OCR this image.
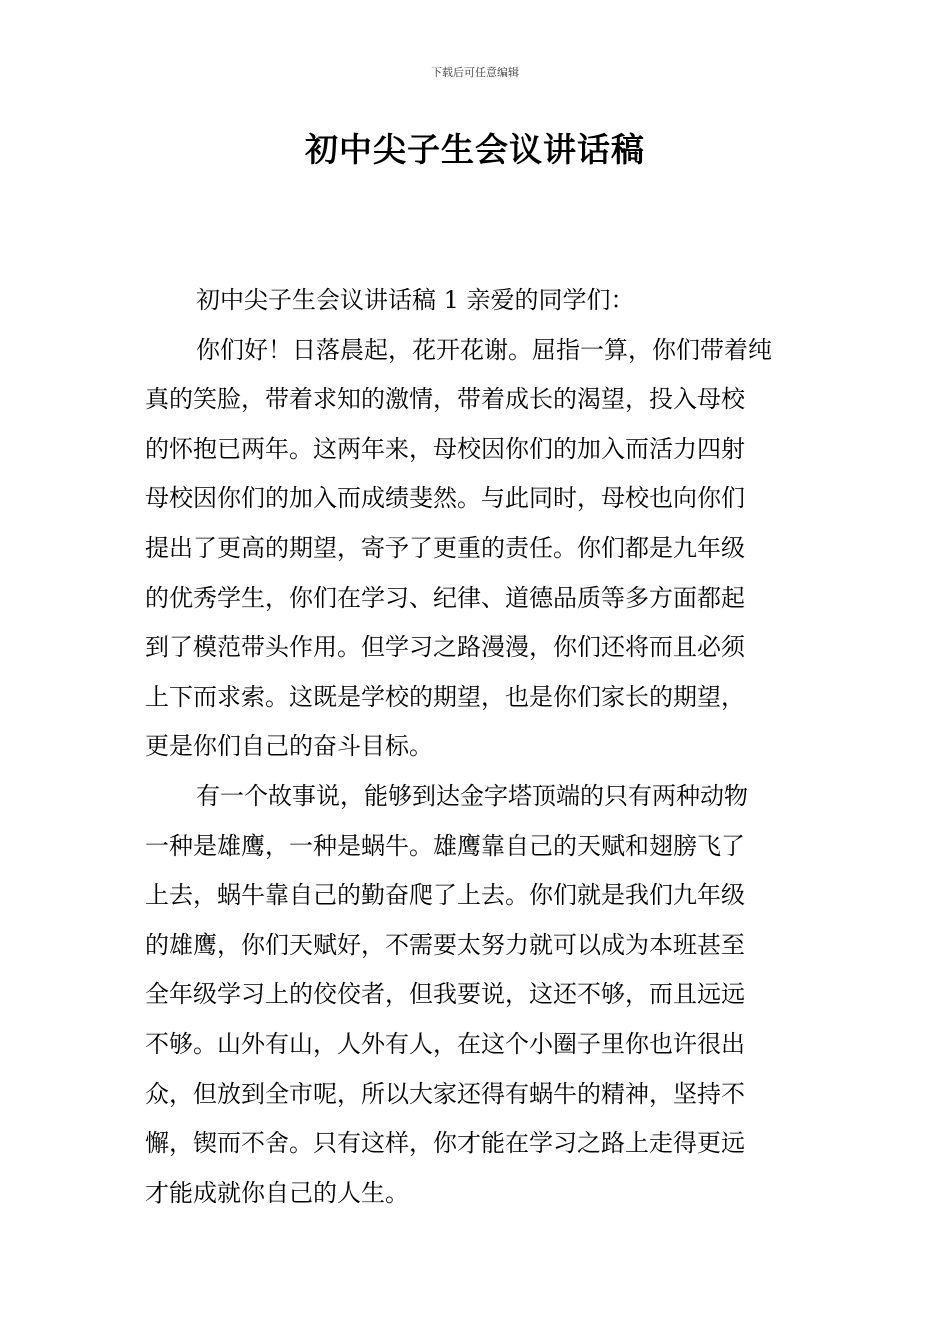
下载后可任意编辑
初中尖子生会议讲话稿
初中尖子生会议讲话稿 1 亲爱的同学们：
你们好！日落晨起，花开花谢。屈指一算，你们带着纯
真的笑脸，带着求知的激情，带着成长的渴望，投入母校
的怀抱已两年。这两年来，母校因你们的加入而活力四射
母校因你们的加入而成绩斐然。与此同时，母校也向你们
提出了更高的期望，寄予了更重的责任。你们都是九年级
的优秀学生，你们在学习、纪律、道德品质等多方面都起
到了模范带头作用。但学习之路漫漫，你们还将而且必须
上下而求索。这既是学校的期望，也是你们家长的期望，
更是你们自己的奋斗目标。
有一个故事说，能够到达金字塔顶端的只有两种动物
一种是雄鹰，一种是蜗牛。雄鹰靠自己的天赋和翅膀飞了
上去，蜗牛靠自己的勤奋爬了上去。你们就是我们九年级
的雄鹰，你们天赋好，不需要太努力就可以成为本班甚至
全年级学习上的佼佼者，但我要说，这还不够，而且远远
不够。山外有山，人外有人，在这个小圈子里你也许很出
众，但放到全市呢，所以大家还得有蜗牛的精神，坚持不
懈，锲而不舍。只有这样，你才能在学习之路上走得更远
才能成就你自己的人生。
